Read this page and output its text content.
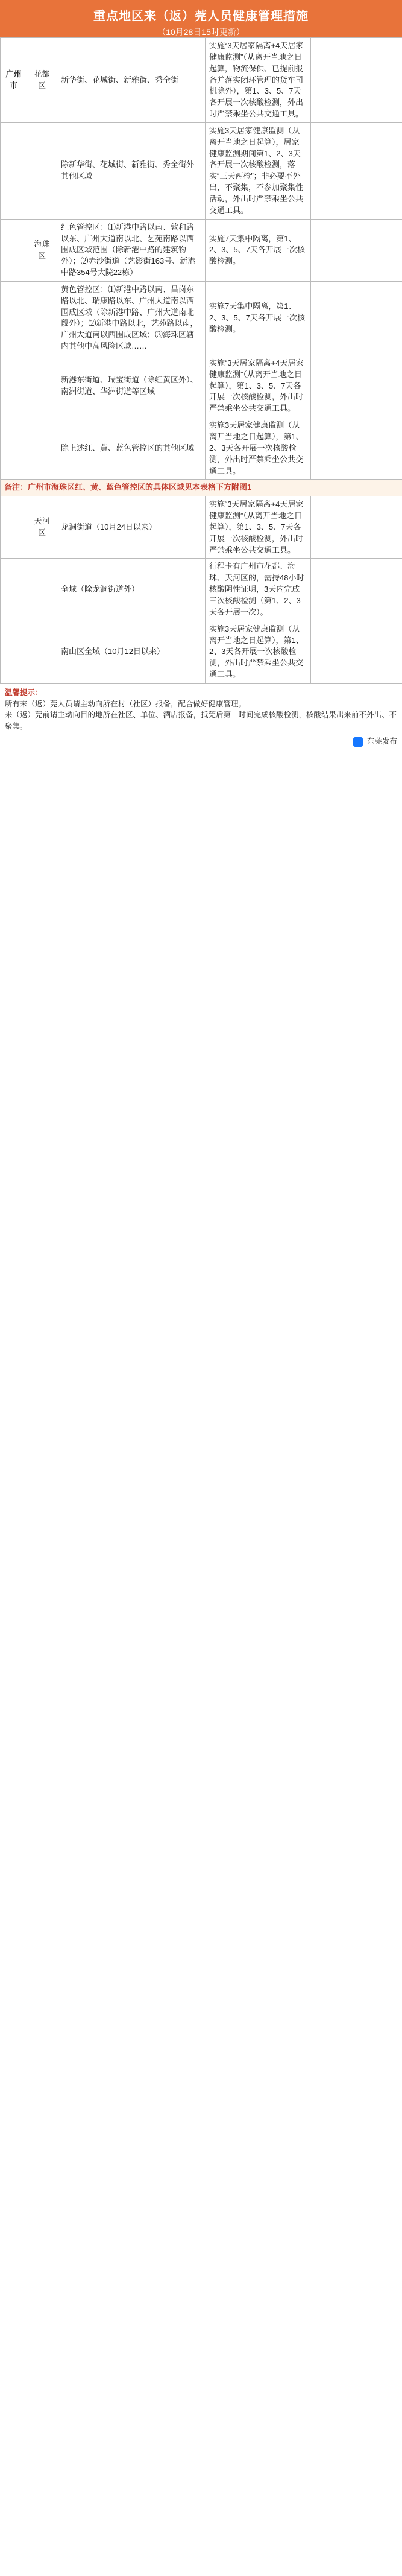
重点地区来（返）莞人员健康管理措施
（10月28日15时更新）
广州市	花都区	新华街、花城街、新雅街、秀全街	实施“3天居家隔离+4天居家健康监测”（从离开当地之日起算，物流保供、已提前报备并落实闭环管理的货车司机除外），第1、3、5、7天各开展一次核酸检测，外出时严禁乘坐公共交通工具。	
		除新华街、花城街、新雅街、秀全街外其他区域	实施3天居家健康监测（从离开当地之日起算），居家健康监测期间第1、2、3天各开展一次核酸检测，落实“三天两检”；非必要不外出，不聚集，不参加聚集性活动，外出时严禁乘坐公共交通工具。	
	海珠区	红色管控区：⑴新港中路以南、敦和路以东、广州大道南以北、艺苑南路以西围成区域范围（除新港中路的建筑物外）；⑵赤沙街道（艺影街163号、新港中路354号大院22栋）	实施7天集中隔离，第1、2、3、5、7天各开展一次核酸检测。	
		黄色管控区：⑴新港中路以南、昌岗东路以北、瑞康路以东、广州大道南以西围成区域（除新港中路、广州大道南北段外）；⑵新港中路以北，艺苑路以南，广州大道南以西围成区域；⑶海珠区辖内其他中高风险区域……	实施7天集中隔离，第1、2、3、5、7天各开展一次核酸检测。	
		新港东街道、瑞宝街道（除红黄区外）、南洲街道、华洲街道等区域	实施“3天居家隔离+4天居家健康监测”（从离开当地之日起算），第1、3、5、7天各开展一次核酸检测，外出时严禁乘坐公共交通工具。	
		除上述红、黄、蓝色管控区的其他区域	实施3天居家健康监测（从离开当地之日起算），第1、2、3天各开展一次核酸检测，外出时严禁乘坐公共交通工具。	
备注：广州市海珠区红、黄、蓝色管控区的具体区域见本表格下方附图1				
	天河区	龙洞街道（10月24日以来）	实施“3天居家隔离+4天居家健康监测”（从离开当地之日起算），第1、3、5、7天各开展一次核酸检测，外出时严禁乘坐公共交通工具。	
		全域（除龙洞街道外）	行程卡有广州市花都、海珠、天河区的，需持48小时核酸阴性证明，3天内完成三次核酸检测（第1、2、3天各开展一次）。	
		南山区全域（10月12日以来）	实施3天居家健康监测（从离开当地之日起算），第1、2、3天各开展一次核酸检测，外出时严禁乘坐公共交通工具。	
温馨提示：
所有来（返）莞人员请主动向所在村（社区）报备，配合做好健康管理。
来（返）莞前请主动向目的地所在社区、单位、酒店报备，抵莞后第一时间完成核酸检测，核酸结果出来前不外出、不聚集。
东莞发布
